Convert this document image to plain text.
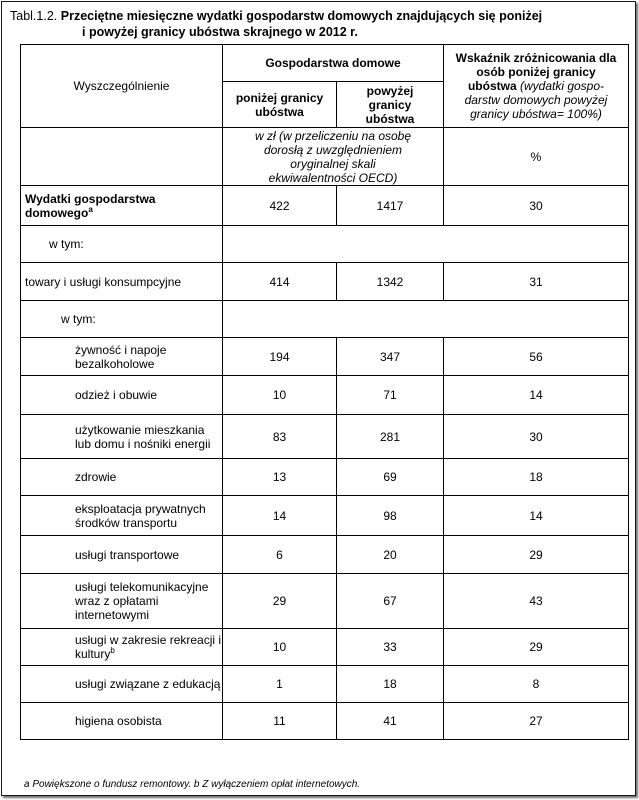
Tabl.1.2. Przeciętne miesięczne wydatki gospodarstw domowych znajdujących się poniżej
i powyżej granicy ubóstwa skrajnego w 2012 r.
Wyszczególnienie	Gospodarstwa domowe		Wskaźnik zróżnicowania dla osób poniżej granicy ubóstwa (wydatki gospo-darstw domowych powyżej granicy ubóstwa= 100%)
	poniżej granicy ubóstwa	powyżej granicy ubóstwa	
	w zł (w przeliczeniu na osobę dorosłą z uwzględnieniem oryginalnej skali ekwiwalentności OECD)		%
Wydatki gospodarstwa domowego$^a$	422	1417	30
w tym:			
towary i usługi konsumpcyjne	414	1342	31
w tym:			
żywność i napoje bezalkoholowe	194	347	56
odzież i obuwie	10	71	14
użytkowanie mieszkania lub domu i nośniki energii	83	281	30
zdrowie	13	69	18
eksploatacja prywatnych środków transportu	14	98	14
usługi transportowe	6	20	29
usługi telekomunikacyjne wraz z opłatami internetowymi	29	67	43
usługi w zakresie rekreacji i kultury$^b$	10	33	29
usługi związane z edukacją	1	18	8
higiena osobista	11	41	27
a Powiększone o fundusz remontowy. b Z wyłączeniem opłat internetowych.
